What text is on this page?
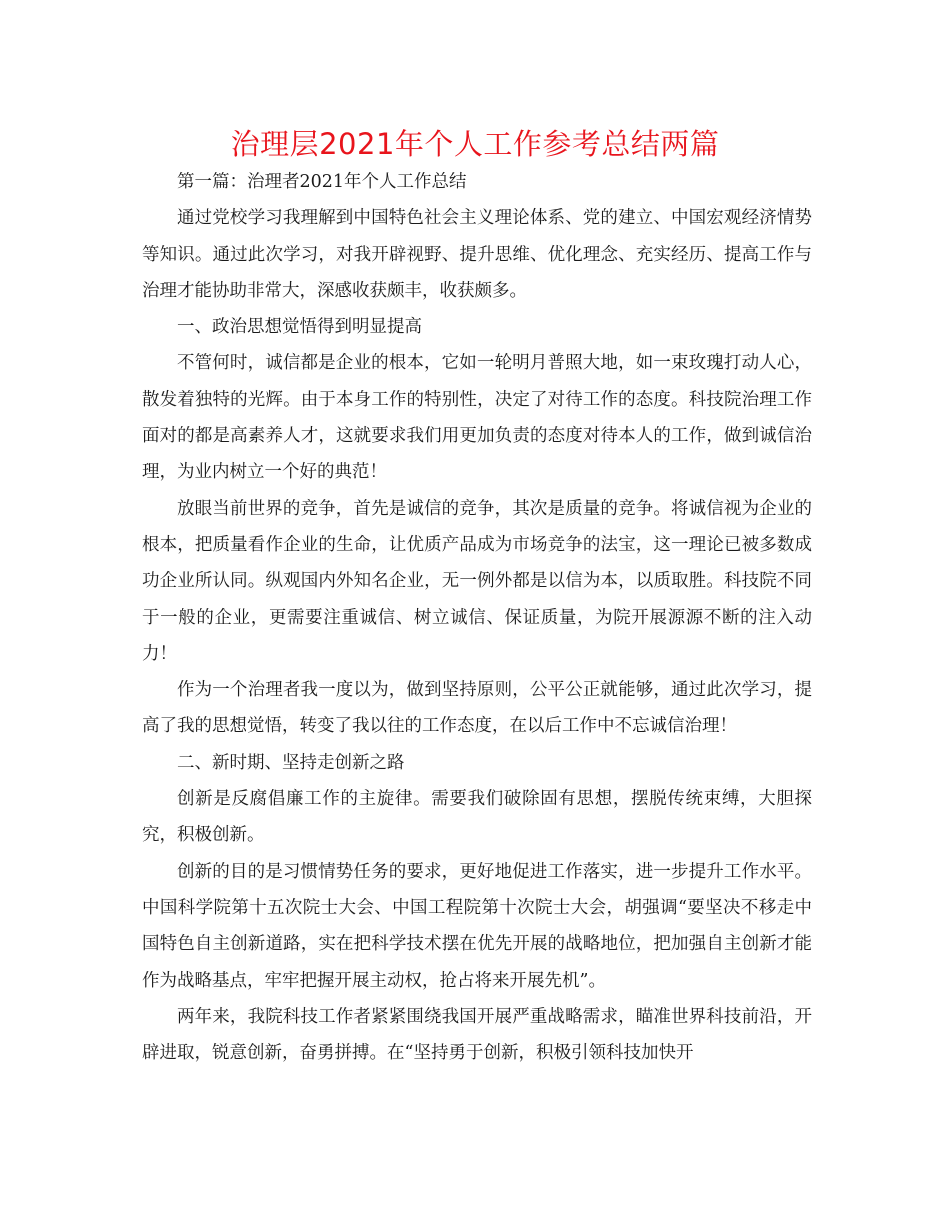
治理层2021年个人工作参考总结两篇

第一篇：治理者2021年个人工作总结

通过党校学习我理解到中国特色社会主义理论体系、党的建立、中国宏观经济情势等知识。通过此次学习，对我开辟视野、提升思维、优化理念、充实经历、提高工作与治理才能协助非常大，深感收获颇丰，收获颇多。

一、政治思想觉悟得到明显提高

不管何时，诚信都是企业的根本，它如一轮明月普照大地，如一束玫瑰打动人心，散发着独特的光辉。由于本身工作的特别性，决定了对待工作的态度。科技院治理工作面对的都是高素养人才，这就要求我们用更加负责的态度对待本人的工作，做到诚信治理，为业内树立一个好的典范！

放眼当前世界的竞争，首先是诚信的竞争，其次是质量的竞争。将诚信视为企业的根本，把质量看作企业的生命，让优质产品成为市场竞争的法宝，这一理论已被多数成功企业所认同。纵观国内外知名企业，无一例外都是以信为本，以质取胜。科技院不同于一般的企业，更需要注重诚信、树立诚信、保证质量，为院开展源源不断的注入动力！

作为一个治理者我一度以为，做到坚持原则，公平公正就能够，通过此次学习，提高了我的思想觉悟，转变了我以往的工作态度，在以后工作中不忘诚信治理！

二、新时期、坚持走创新之路

创新是反腐倡廉工作的主旋律。需要我们破除固有思想，摆脱传统束缚，大胆探究，积极创新。

创新的目的是习惯情势任务的要求，更好地促进工作落实，进一步提升工作水平。中国科学院第十五次院士大会、中国工程院第十次院士大会，胡强调“要坚决不移走中国特色自主创新道路，实在把科学技术摆在优先开展的战略地位，把加强自主创新才能作为战略基点，牢牢把握开展主动权，抢占将来开展先机”。

两年来，我院科技工作者紧紧围绕我国开展严重战略需求，瞄准世界科技前沿，开辟进取，锐意创新，奋勇拼搏。在“坚持勇于创新，积极引领科技加快开
